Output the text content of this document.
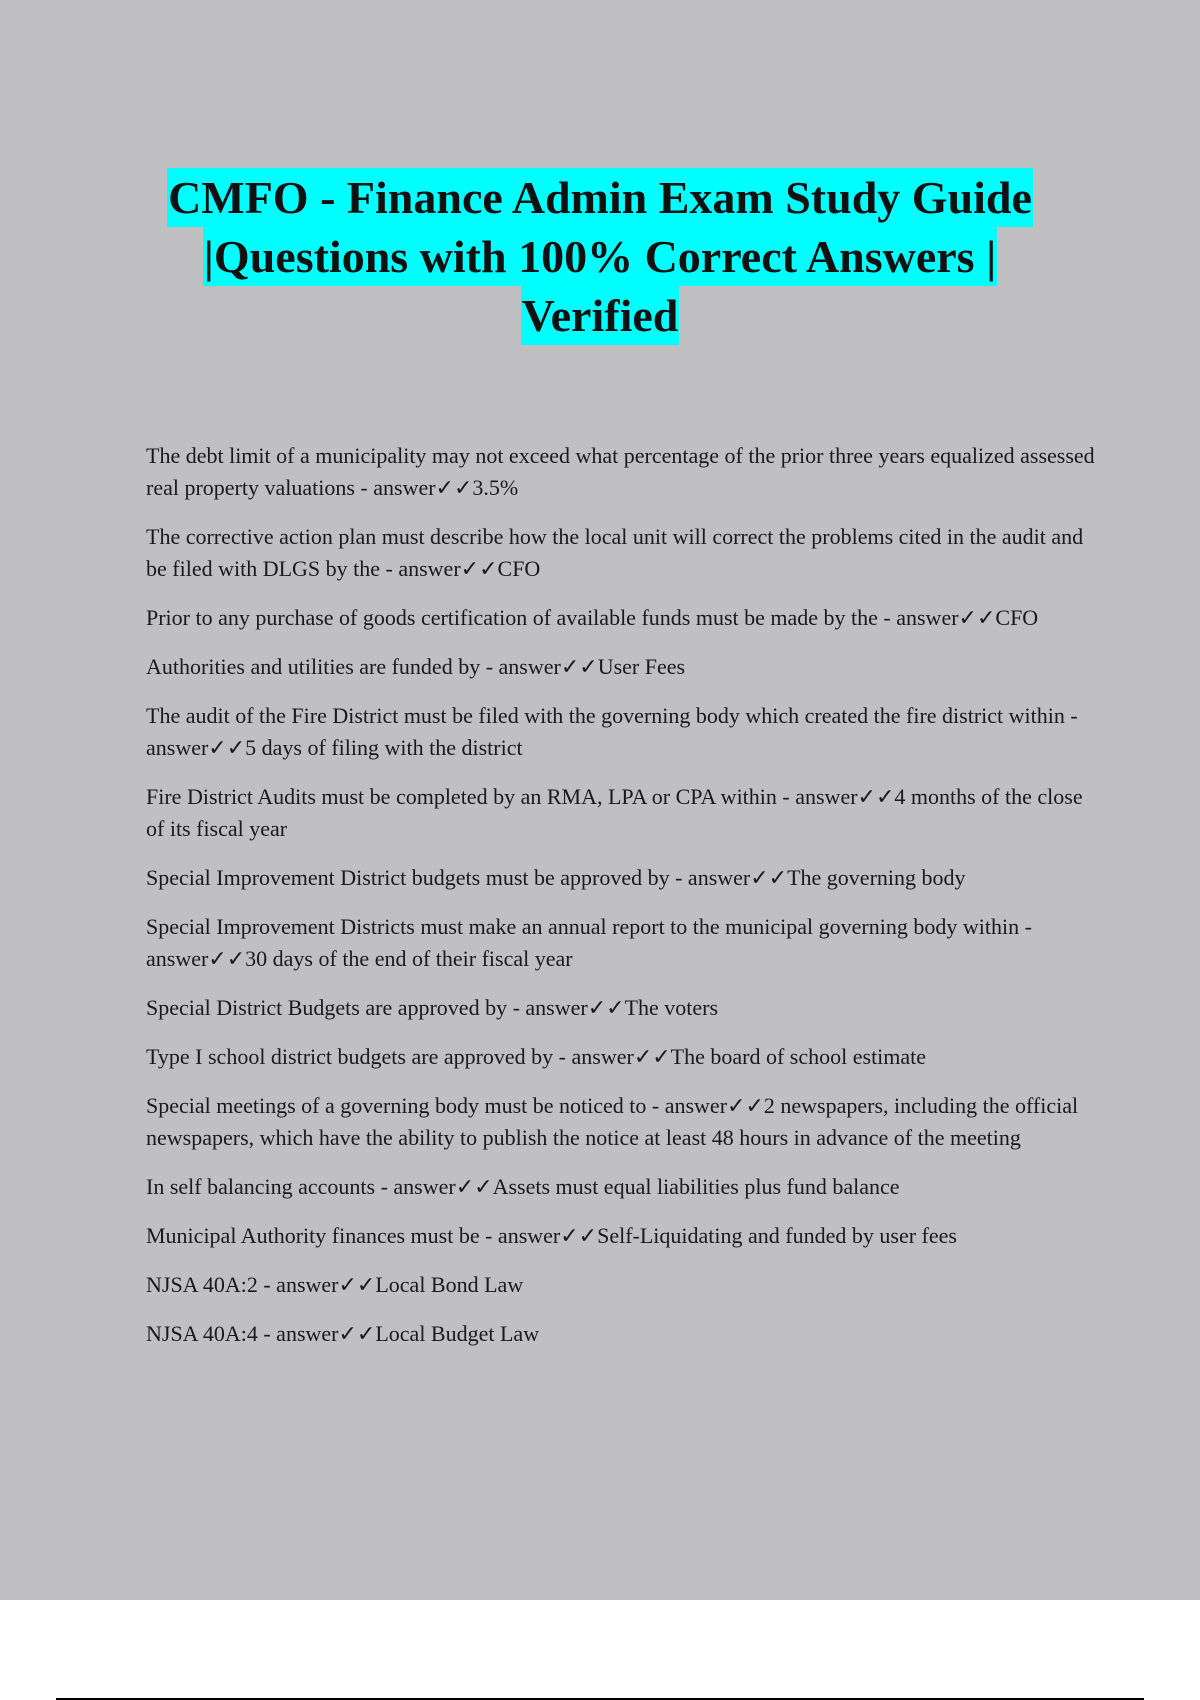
CMFO - Finance Admin Exam Study Guide
|Questions with 100% Correct Answers |
Verified

The debt limit of a municipality may not exceed what percentage of the prior three years equalized assessed real property valuations - answer✓✓3.5%

The corrective action plan must describe how the local unit will correct the problems cited in the audit and be filed with DLGS by the - answer✓✓CFO

Prior to any purchase of goods certification of available funds must be made by the - answer✓✓CFO

Authorities and utilities are funded by - answer✓✓User Fees

The audit of the Fire District must be filed with the governing body which created the fire district within - answer✓✓5 days of filing with the district

Fire District Audits must be completed by an RMA, LPA or CPA within - answer✓✓4 months of the close of its fiscal year

Special Improvement District budgets must be approved by - answer✓✓The governing body

Special Improvement Districts must make an annual report to the municipal governing body within - answer✓✓30 days of the end of their fiscal year

Special District Budgets are approved by - answer✓✓The voters

Type I school district budgets are approved by - answer✓✓The board of school estimate

Special meetings of a governing body must be noticed to - answer✓✓2 newspapers, including the official newspapers, which have the ability to publish the notice at least 48 hours in advance of the meeting

In self balancing accounts - answer✓✓Assets must equal liabilities plus fund balance

Municipal Authority finances must be - answer✓✓Self-Liquidating and funded by user fees

NJSA 40A:2 - answer✓✓Local Bond Law

NJSA 40A:4 - answer✓✓Local Budget Law
